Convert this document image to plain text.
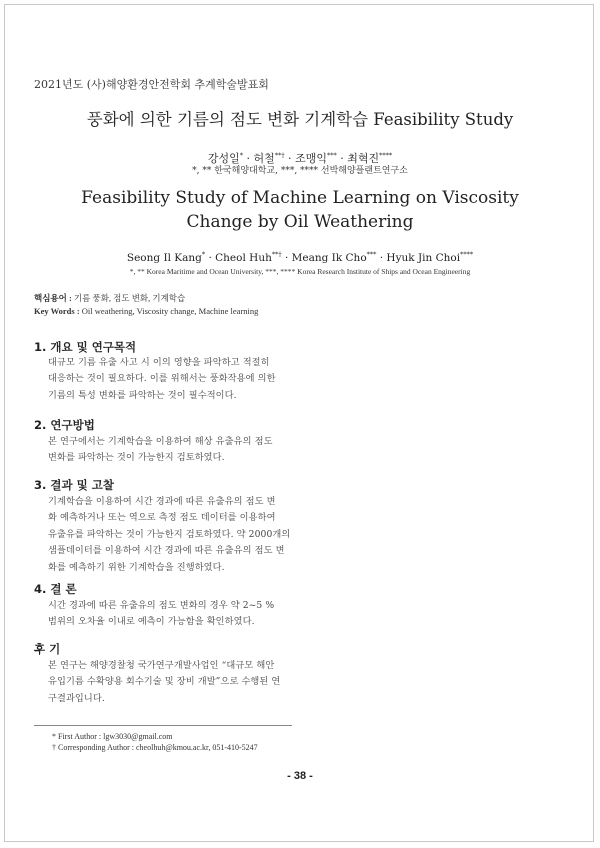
2021년도 (사)해양환경안전학회 추계학술발표회
풍화에 의한 기름의 점도 변화 기계학습 Feasibility Study
강성일* · 허철**† · 조맹익*** · 최혁진****
*, ** 한국해양대학교, ***, **** 선박해양플랜트연구소
Feasibility Study of Machine Learning on Viscosity Change by Oil Weathering
Seong Il Kang* · Cheol Huh**† · Meang Ik Cho*** · Hyuk Jin Choi****
*, ** Korea Maritime and Ocean University, ***, **** Korea Research Institute of Ships and Ocean Engineering
핵심용어 : 기름 풍화, 점도 변화, 기계학습
Key Words : Oil weathering, Viscosity change, Machine learning
1. 개요 및 연구목적
대규모 기름 유출 사고 시 이의 영향을 파악하고 적절히
대응하는 것이 필요하다. 이를 위해서는 풍화작용에 의한
기름의 특성 변화를 파악하는 것이 필수적이다.
2. 연구방법
본 연구에서는 기계학습을 이용하여 해상 유출유의 점도
변화를 파악하는 것이 가능한지 검토하였다.
3. 결과 및 고찰
기계학습을 이용하여 시간 경과에 따른 유출유의 점도 변
화 예측하거나 또는 역으로 측정 점도 데이터를 이용하여
유출유를 파악하는 것이 가능한지 검토하였다. 약 2000개의
샘플데이터를 이용하여 시간 경과에 따른 유출유의 점도 변
화를 예측하기 위한 기계학습을 진행하였다.
4. 결 론
시간 경과에 따른 유출유의 점도 변화의 경우 약 2~5 %
범위의 오차율 이내로 예측이 가능함을 확인하였다.
후 기
본 연구는 해양경찰청 국가연구개발사업인 “대규모 해안
유입기름 수확양용 회수기술 및 장비 개발”으로 수행된 연
구결과입니다.
* First Author : lgw3030@gmail.com
† Corresponding Author : cheolhuh@kmou.ac.kr, 051-410-5247
- 38 -
